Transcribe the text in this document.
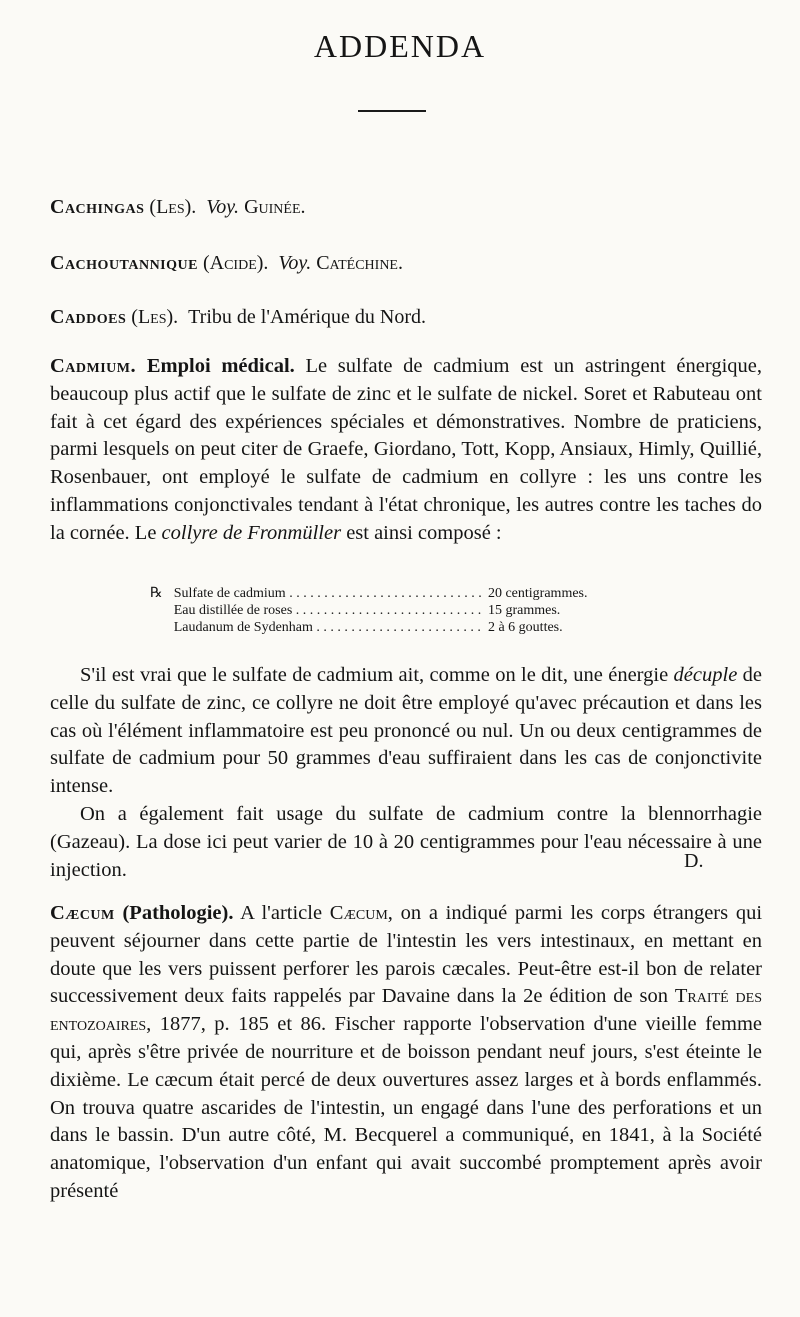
ADDENDA
Cachingas (Les). Voy. Guinée.
Cachoutannique (Acide). Voy. Catéchine.
Caddoes (Les). Tribu de l'Amérique du Nord.

Cadmium. Emploi médical. Le sulfate de cadmium est un astringent énergique, beaucoup plus actif que le sulfate de zinc et le sulfate de nickel. Soret et Rabuteau ont fait à cet égard des expériences spéciales et démonstratives. Nombre de praticiens, parmi lesquels on peut citer de Graefe, Giordano, Tott, Kopp, Ansiaux, Himly, Quillié, Rosenbauer, ont employé le sulfate de cadmium en collyre : les uns contre les inflammations conjonctivales tendant à l'état chronique, les autres contre les taches do la cornée. Le collyre de Fronmüller est ainsi composé :

℞ Sulfate de cadmium . . .	20 centigrammes.
Eau distillée de roses . . .	15 grammes.
Laudanum de Sydenham . . .	2 à 6 gouttes.

S'il est vrai que le sulfate de cadmium ait, comme on le dit, une énergie décuple de celle du sulfate de zinc, ce collyre ne doit être employé qu'avec précaution et dans les cas où l'élément inflammatoire est peu prononcé ou nul. Un ou deux centigrammes de sulfate de cadmium pour 50 grammes d'eau suffiraient dans les cas de conjonctivite intense.

On a également fait usage du sulfate de cadmium contre la blennorrhagie (Gazeau). La dose ici peut varier de 10 à 20 centigrammes pour l'eau nécessaire à une injection.	D.

Cæcum (Pathologie). A l'article Cæcum, on a indiqué parmi les corps étrangers qui peuvent séjourner dans cette partie de l'intestin les vers intestinaux, en mettant en doute que les vers puissent perforer les parois cæcales. Peut-être est-il bon de relater successivement deux faits rappelés par Davaine dans la 2e édition de son Traité des entozoaires, 1877, p. 185 et 86. Fischer rapporte l'observation d'une vieille femme qui, après s'être privée de nourriture et de boisson pendant neuf jours, s'est éteinte le dixième. Le cæcum était percé de deux ouvertures assez larges et à bords enflammés. On trouva quatre ascarides de l'intestin, un engagé dans l'une des perforations et un dans le bassin. D'un autre côté, M. Becquerel a communiqué, en 1841, à la Société anatomique, l'observation d'un enfant qui avait succombé promptement après avoir présenté
